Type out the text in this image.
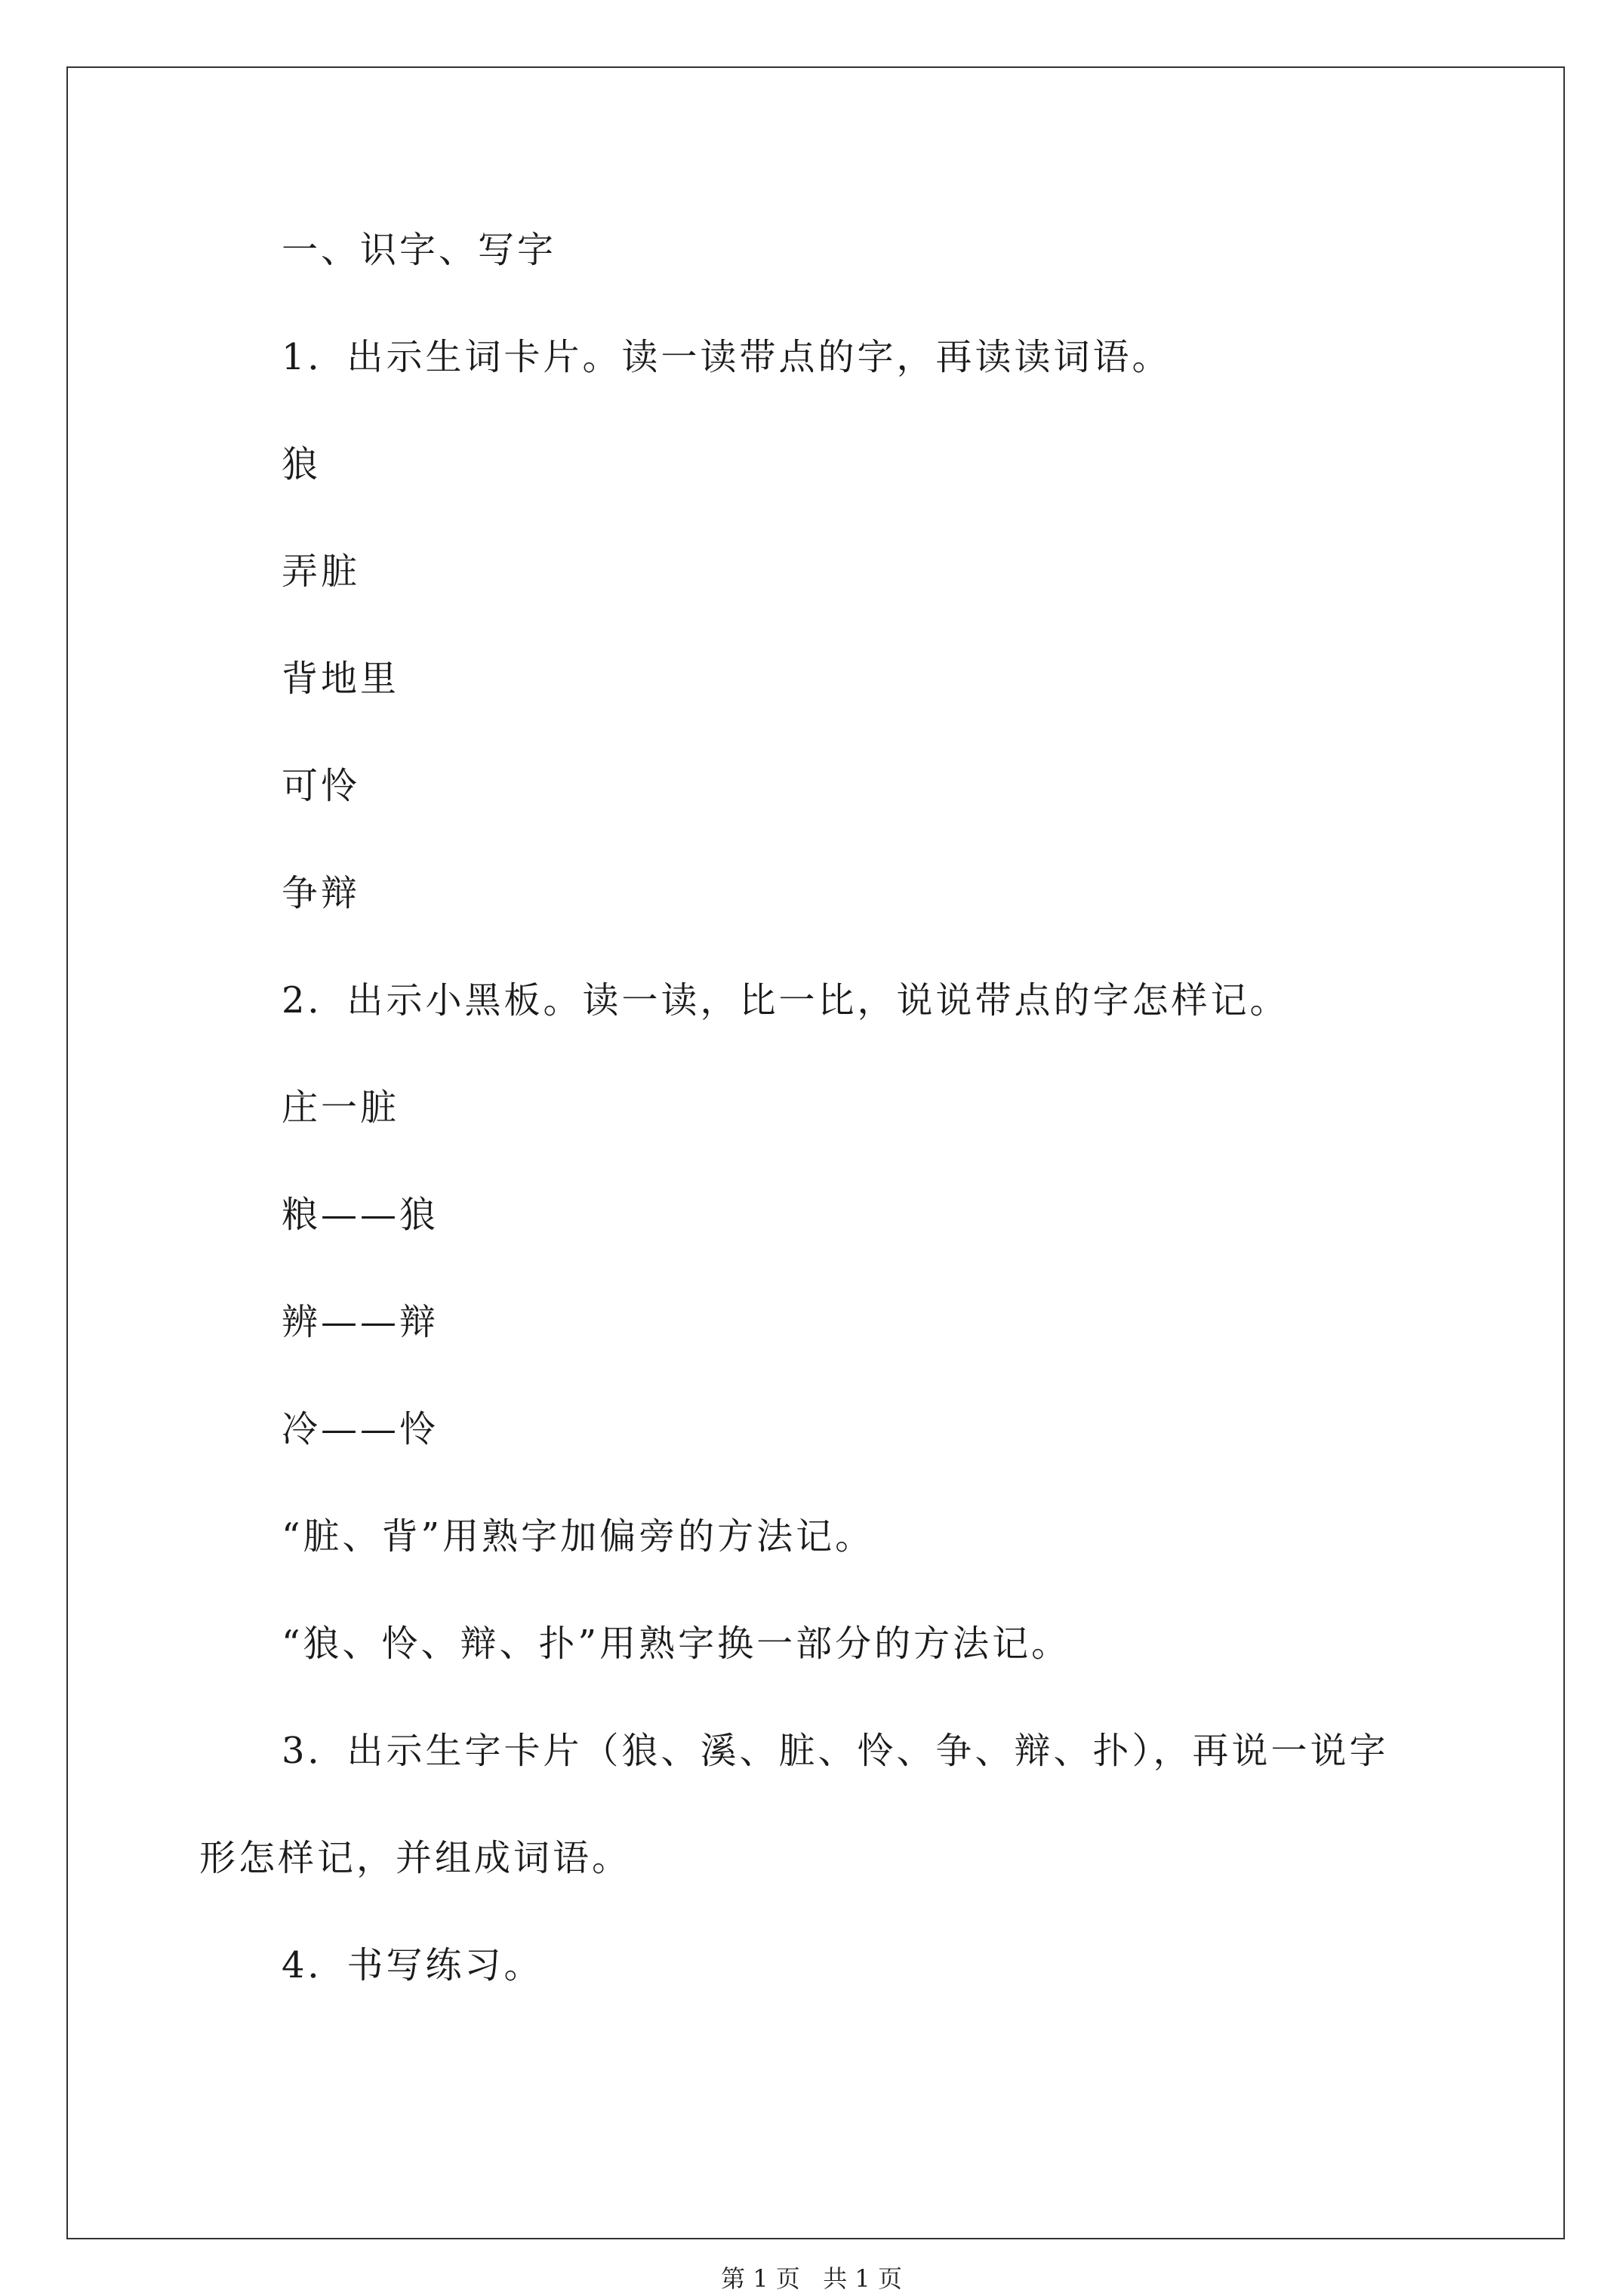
一、识字、写字
1．出示生词卡片。读一读带点的字，再读读词语。
狼
弄脏
背地里
可怜
争辩
2．出示小黑板。读一读，比一比，说说带点的字怎样记。
庄一脏
粮——狼
辨——辩
冷——怜
“脏、背”用熟字加偏旁的方法记。
“狼、怜、辩、扑”用熟字换一部分的方法记。
3．出示生字卡片（狼、溪、脏、怜、争、辩、扑），再说一说字
形怎样记，并组成词语。
4．书写练习。
第 1 页   共 1 页
